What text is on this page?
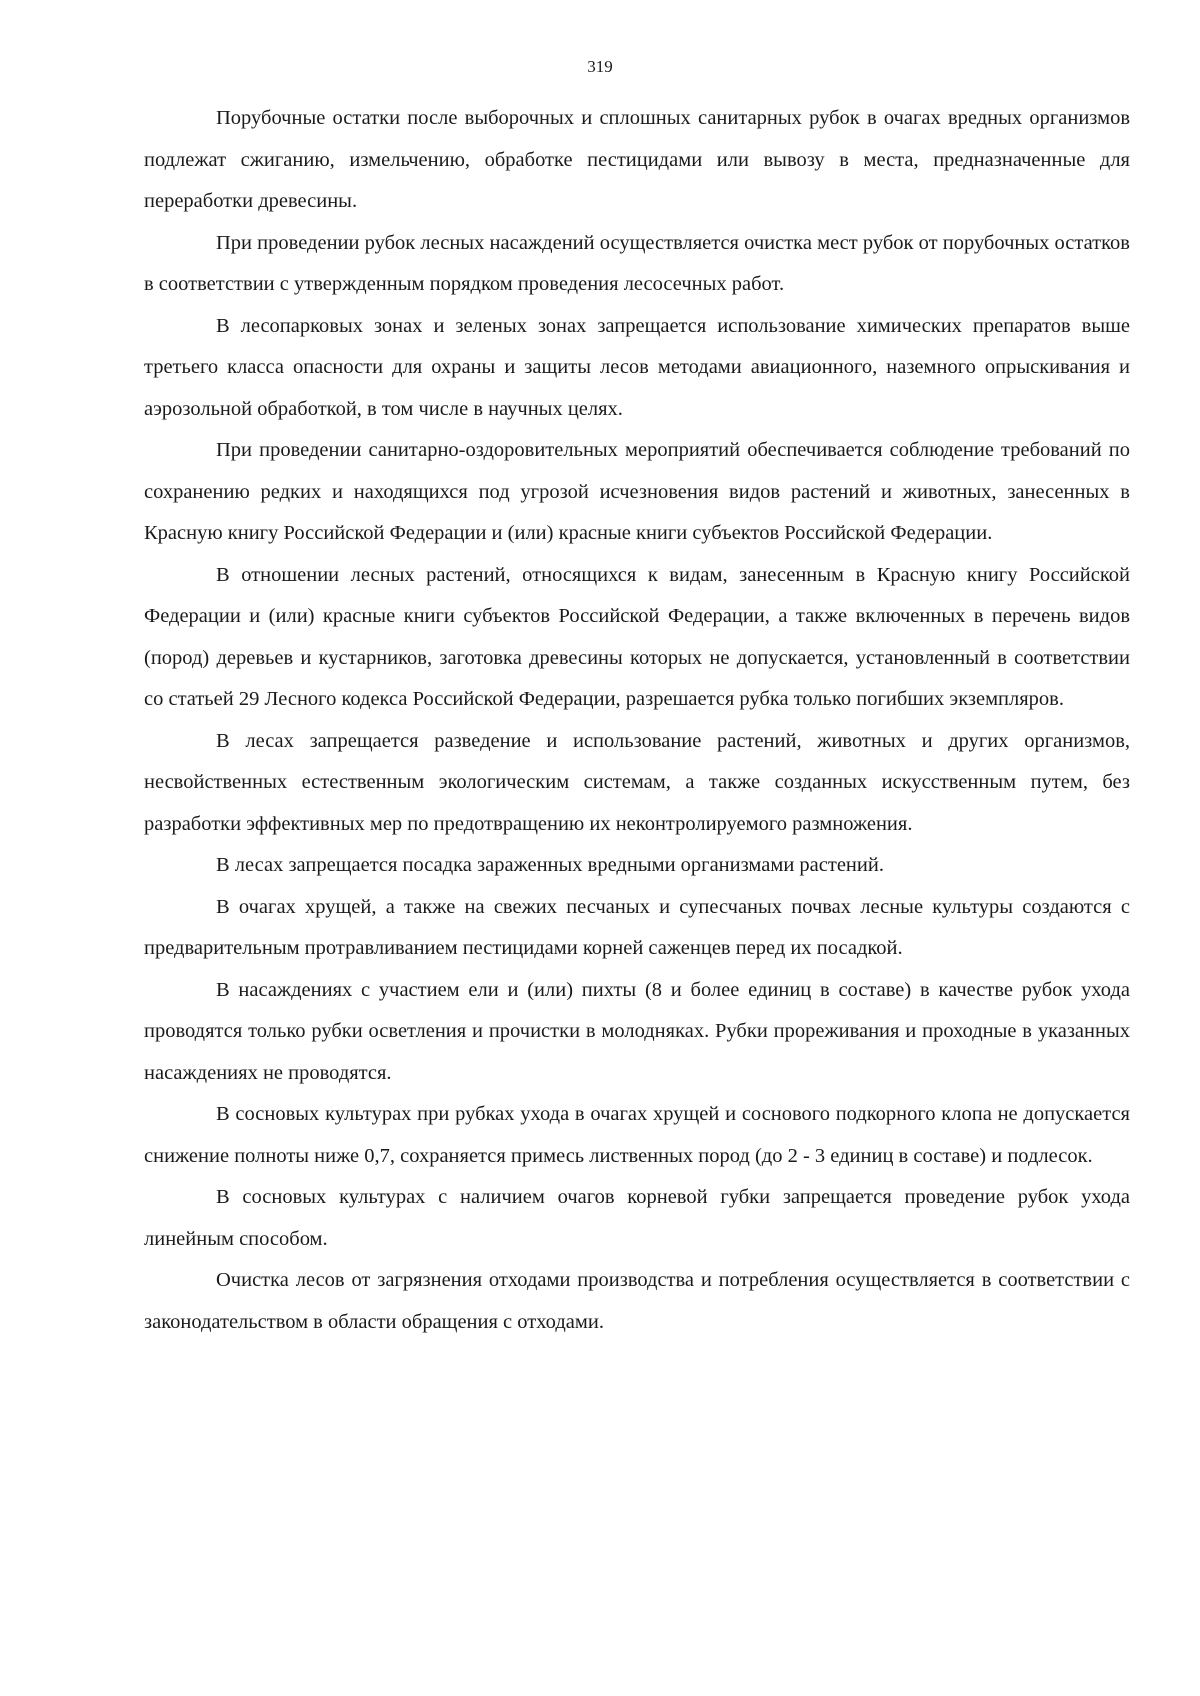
319

Порубочные остатки после выборочных и сплошных санитарных рубок в очагах вредных организмов подлежат сжиганию, измельчению, обработке пестицидами или вывозу в места, предназначенные для переработки древесины.

При проведении рубок лесных насаждений осуществляется очистка мест рубок от порубочных остатков в соответствии с утвержденным порядком проведения лесосечных работ.

В лесопарковых зонах и зеленых зонах запрещается использование химических препаратов выше третьего класса опасности для охраны и защиты лесов методами авиационного, наземного опрыскивания и аэрозольной обработкой, в том числе в научных целях.

При проведении санитарно-оздоровительных мероприятий обеспечивается соблюдение требований по сохранению редких и находящихся под угрозой исчезновения видов растений и животных, занесенных в Красную книгу Российской Федерации и (или) красные книги субъектов Российской Федерации.

В отношении лесных растений, относящихся к видам, занесенным в Красную книгу Российской Федерации и (или) красные книги субъектов Российской Федерации, а также включенных в перечень видов (пород) деревьев и кустарников, заготовка древесины которых не допускается, установленный в соответствии со статьей 29 Лесного кодекса Российской Федерации, разрешается рубка только погибших экземпляров.

В лесах запрещается разведение и использование растений, животных и других организмов, несвойственных естественным экологическим системам, а также созданных искусственным путем, без разработки эффективных мер по предотвращению их неконтролируемого размножения.

В лесах запрещается посадка зараженных вредными организмами растений.

В очагах хрущей, а также на свежих песчаных и супесчаных почвах лесные культуры создаются с предварительным протравливанием пестицидами корней саженцев перед их посадкой.

В насаждениях с участием ели и (или) пихты (8 и более единиц в составе) в качестве рубок ухода проводятся только рубки осветления и прочистки в молодняках. Рубки прореживания и проходные в указанных насаждениях не проводятся.

В сосновых культурах при рубках ухода в очагах хрущей и соснового подкорного клопа не допускается снижение полноты ниже 0,7, сохраняется примесь лиственных пород (до 2 - 3 единиц в составе) и подлесок.

В сосновых культурах с наличием очагов корневой губки запрещается проведение рубок ухода линейным способом.

Очистка лесов от загрязнения отходами производства и потребления осуществляется в соответствии с законодательством в области обращения с отходами.
